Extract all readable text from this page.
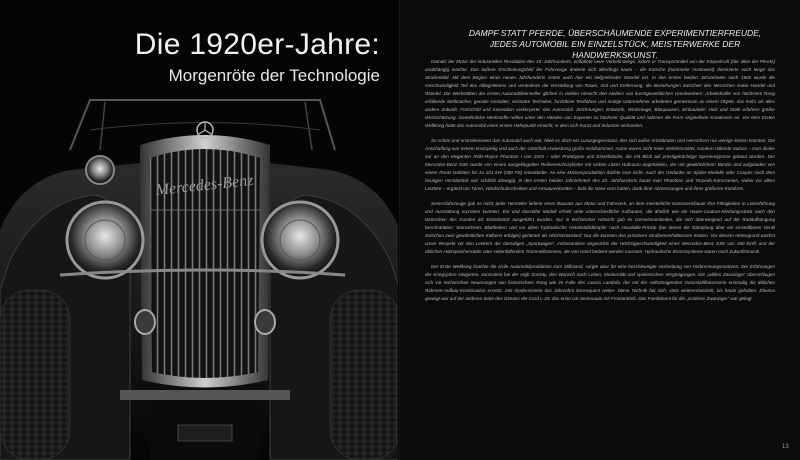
Die 1920er-Jahre:
Morgenröte der Technologie
Mercedes-Benz
DAMPF STATT PFERDE, ÜBERSCHÄUMENDE EXPERIMENTIERFREUDE,
JEDES AUTOMOBIL EIN EINZELSTÜCK, MEISTERWERKE DER HANDWERKSKUNST.

Damals der Motor der industriellen Revolution des 19. Jahrhunderts, entfaltete neue Verkehrswege, indem er Transportmittel von der Körperkraft (der allen der Pferde) unabhängig machte. Das äußere Erscheinungsbild der Fahrzeuge änderte sich allerdings kaum – die Kutsche (hammelor mostoweit) dominierte noch lange das Straßenbild. Mit dem Beginn eines neuen Jahrhunderts setzte auch hier ein tiefgreifender Wandel ein. In den ersten beiden Jahrzehnten nach 1900 wurde die Geschwindigkeit Teil des Alltagslebens und veränderte die Vorstellung von Raum, Zeit und Entfernung, die Beziehungen zwischen den Menschen sowie Handel und Wandel. Die Werkstätten der ersten Automobilhersteller glichen in vieleler Hinsicht den Ateliers von kunstgewerblichen Handwerkern: Arbeitskräfte von höchstem Rang erfüllende Stellmacher, geniale Gestalter, visionäre Techniker, furchtlose Testfahrer und mutige Unternehmer arbeiteten gemeinsam an einem Objekt, das mehr als alles andere Zukunft, Fortschritt und Innovation verkörperte: das Automobil. Zeichnungen, Entwürfe, Werkzeuge, Blaupausen, Einbauteile: Holz und Stahl erfuhren größte Wertschätzung. Gewöhnliche Werkstoffe reiften unter den Händen von Experten zu höchster Qualität und nahmen die Form originellster Kreationen an. Vor dem Ersten Weltkrieg hatte das Automobil einen ersten Höhepunkt erreicht, in dem sich Kunst und Industrie verbanden.

So schön und erstrebenswert das Automobil auch war, blieb es doch ein Luxusgegenstand, den sich außer Aristokraten und Herrschern nur wenige leisten konnten. Die Anschaffung war extrem kostspielig und auch der Unterhalt erwiesbeng große Geldsummen. Autos waren nicht reine Verkehrsmittel, sondern rollende Salons – man denke nur an den eleganten Rolls-Royce Phantom I von 1925 – oder Prototypen und Einzelstücke, die mit Blick auf prestigeträchtige Sportereignisse gebaut wurden. Der Mercedes-Benz SSK wurde von einem ausgeklügelten Reihensechszylinder mit sieben Litern Hubraum angetrieben, der mit gewöhnlichem Benzin und aufgeladen von einem Roots-Gebläse bis zu 221 kW (300 PS) entwickelte. An eine Massenproduktion dachte man nicht. Auch der Gedanke an Spider-Modelle oder Coupés noch dem heutigen Verständnis war schlicht abwegig. In den ersten beiden Jahrzehnten des 20. Jahrhunderts baute man Phaetons und Torpedo-Karosserien, wobei vor allem Letztere – ergänzt um Türen, Windschutzscheiben und Armaturenbretter – bald die Nase vorn hatten, dank ihrer Abmessungen und ihres größeren Komforts.

Seriersfahrzeuge gab es nicht; jeder Hersteller lieferte einen Bausatz aus Motor und Fahrwerk, an dem meisterliche Karosseriebauer ihre Fähigkeiten in Linienführung und Ausstattung erproben konnten. Ein und dasselbe Modell erhielt viele unterschiedliche Aufbauten, die ähnlich wie ein Haute-Couture-Kleidungsstück nach den Wünschen des Kunden als Einzelstück ausgeführt wurden. Nur in technischer Hinsicht gab es Gemeinsamkeiten, die sich überwiegend auf die Radaufhängung beschränkten: Starrachsen, Blattfedern und vor allem hydraulische Hebelstoßdämpfer nach Houdaille-Prinzip (bei denen die Dämpfung über ein einstellbares Ventil zwischen zwei gewöhnlichen Kolbens erfolgte) gehörten als Höchststandard. Nur die konnten den primitiven Straßenverhältnissen trotzen. Vor diesem Hintergrund wächst unser Respekt vor den Lenkern der damaligen „Sportwagen“, insbesondere angesichts der Höchstgeschwindigkeit eines Mercedes-Benz SSK von 180 km/h und der üblichen Holzspeichenräder oder seitenfüllenden Trommelbremsen, die von Hand bedient werden mussten. Hydraulische Bremssysteme waren noch Zukunftsmusik.

Der Erste Weltkrieg brachte die zivile Automobilproduktion zum Stillstand, sorgte aber für eine beschleunigte Verbreitung von Verbrennungsmotoren. Die Erfahrungen der Kriegsjahre steigerten, zumindest bei der High Society, den Wunsch nach Leben, Modernität und spielerischen Vergnügungen. Die „wilden Zwanziger“ überschlugen sich vor technischen Neuerungen von historischem Rang wie im Falle des Lancia Lambda, der mit der selbsttragenden Ganzstahlkarosserie erstmalig die üblichen Rahmen-Aufbau-Kombination ersetzt. Zeit modernisierte das Jahrzehnt konsequent weiter. Diese Technik hat sich, stets weiterentwickelt, bis heute gehalten. Ebenso gewagt war auf der anderen Seite des Ozeans der Cord L-29, das erste US-Serienauto mit Frontantrieb. Das Fundament für die „Goldene Zwanziger“ war gelegt.

13
